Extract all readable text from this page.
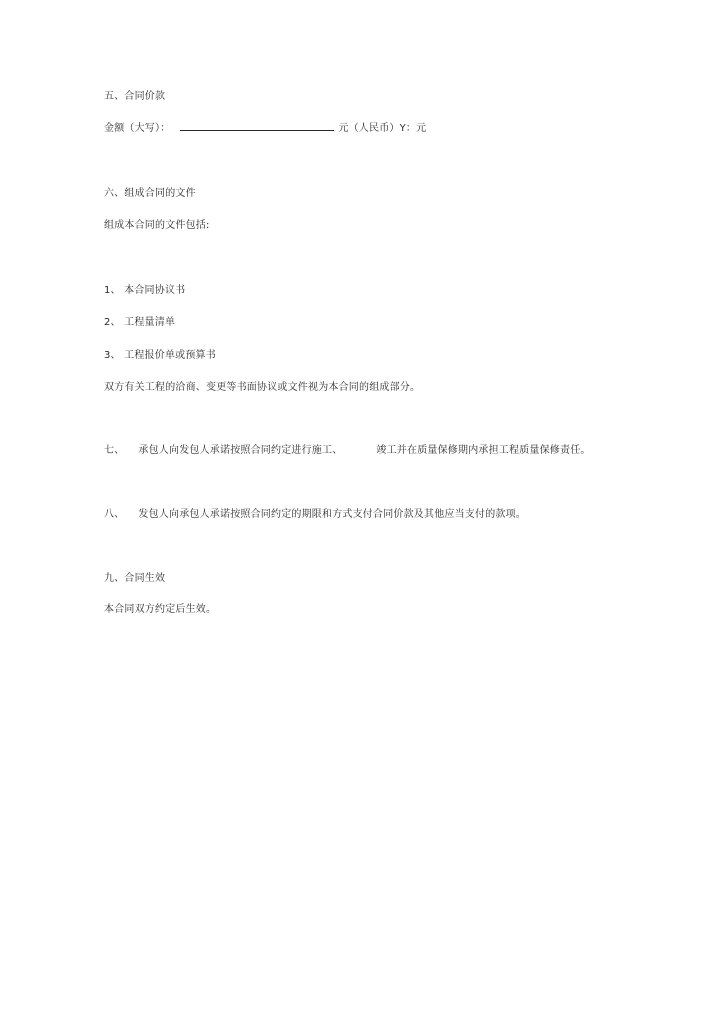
五、合同价款
金额（大写）：	元（人民币）Y：元
六、组成合同的文件
组成本合同的文件包括:
1、 本合同协议书
2、 工程量清单
3、 工程报价单或预算书
双方有关工程的洽商、变更等书面协议或文件视为本合同的组成部分。
七、 承包人向发包人承诺按照合同约定进行施工、	竣工并在质量保修期内承担工程质量保修责任。
八、 发包人向承包人承诺按照合同约定的期限和方式支付合同价款及其他应当支付的款项。
九、合同生效
本合同双方约定后生效。
